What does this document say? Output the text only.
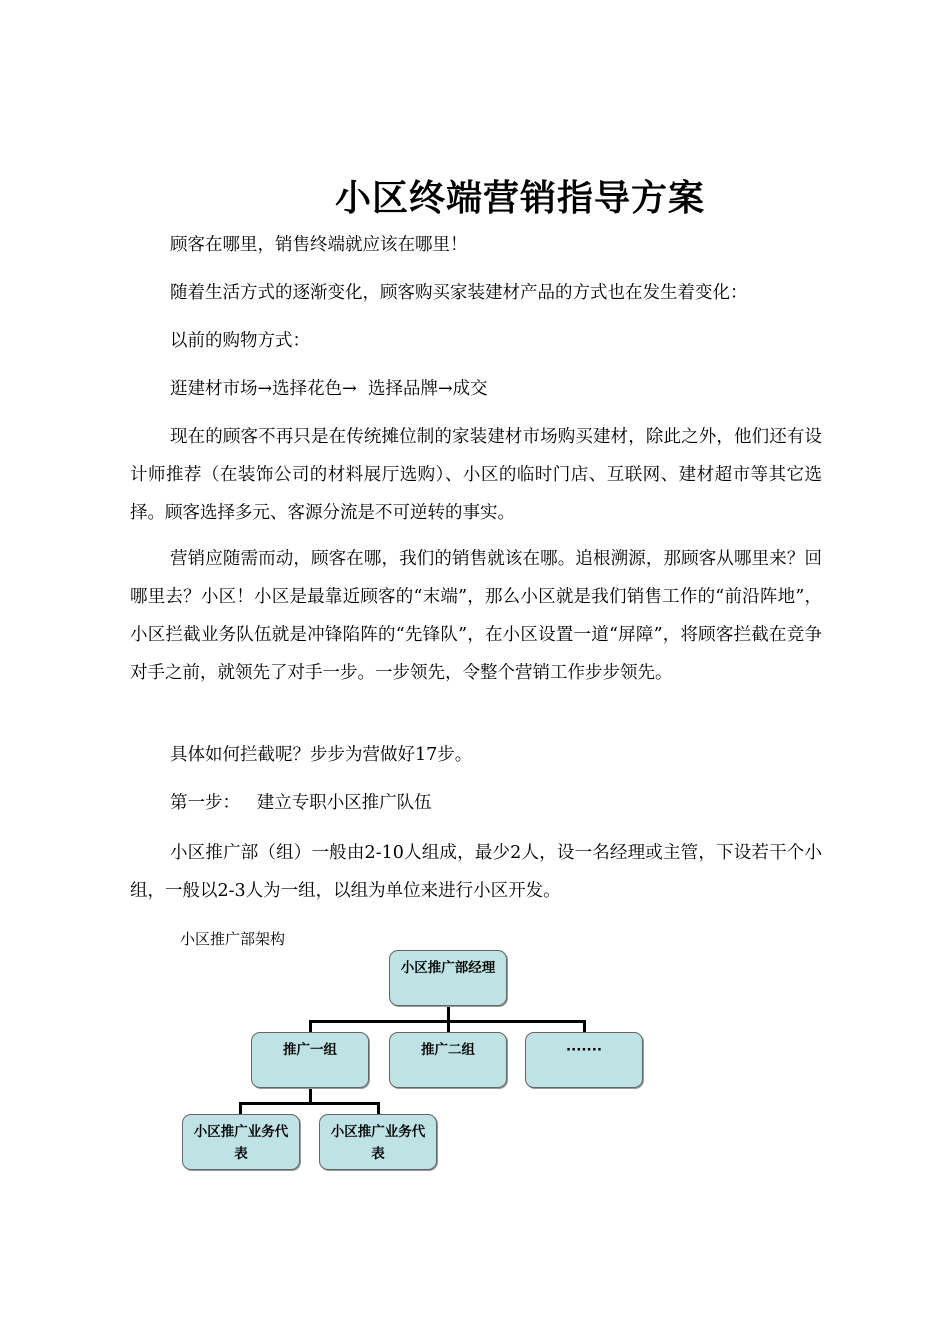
小区终端营销指导方案

顾客在哪里，销售终端就应该在哪里！

随着生活方式的逐渐变化，顾客购买家装建材产品的方式也在发生着变化：

以前的购物方式：

逛建材市场→选择花色→  选择品牌→成交

现在的顾客不再只是在传统摊位制的家装建材市场购买建材，除此之外，他们还有设计师推荐（在装饰公司的材料展厅选购）、小区的临时门店、互联网、建材超市等其它选择。顾客选择多元、客源分流是不可逆转的事实。

营销应随需而动，顾客在哪，我们的销售就该在哪。追根溯源，那顾客从哪里来？回哪里去？小区！小区是最靠近顾客的“末端”，那么小区就是我们销售工作的“前沿阵地”，小区拦截业务队伍就是冲锋陷阵的“先锋队”，在小区设置一道“屏障”，将顾客拦截在竞争对手之前，就领先了对手一步。一步领先，令整个营销工作步步领先。

具体如何拦截呢？步步为营做好17步。

第一步：   建立专职小区推广队伍

小区推广部（组）一般由2-10人组成，最少2人，设一名经理或主管，下设若干个小组，一般以2-3人为一组，以组为单位来进行小区开发。

小区推广部架构
小区推广部经理
推广一组	推广二组	·······
小区推广业务代表
小区推广业务代表
